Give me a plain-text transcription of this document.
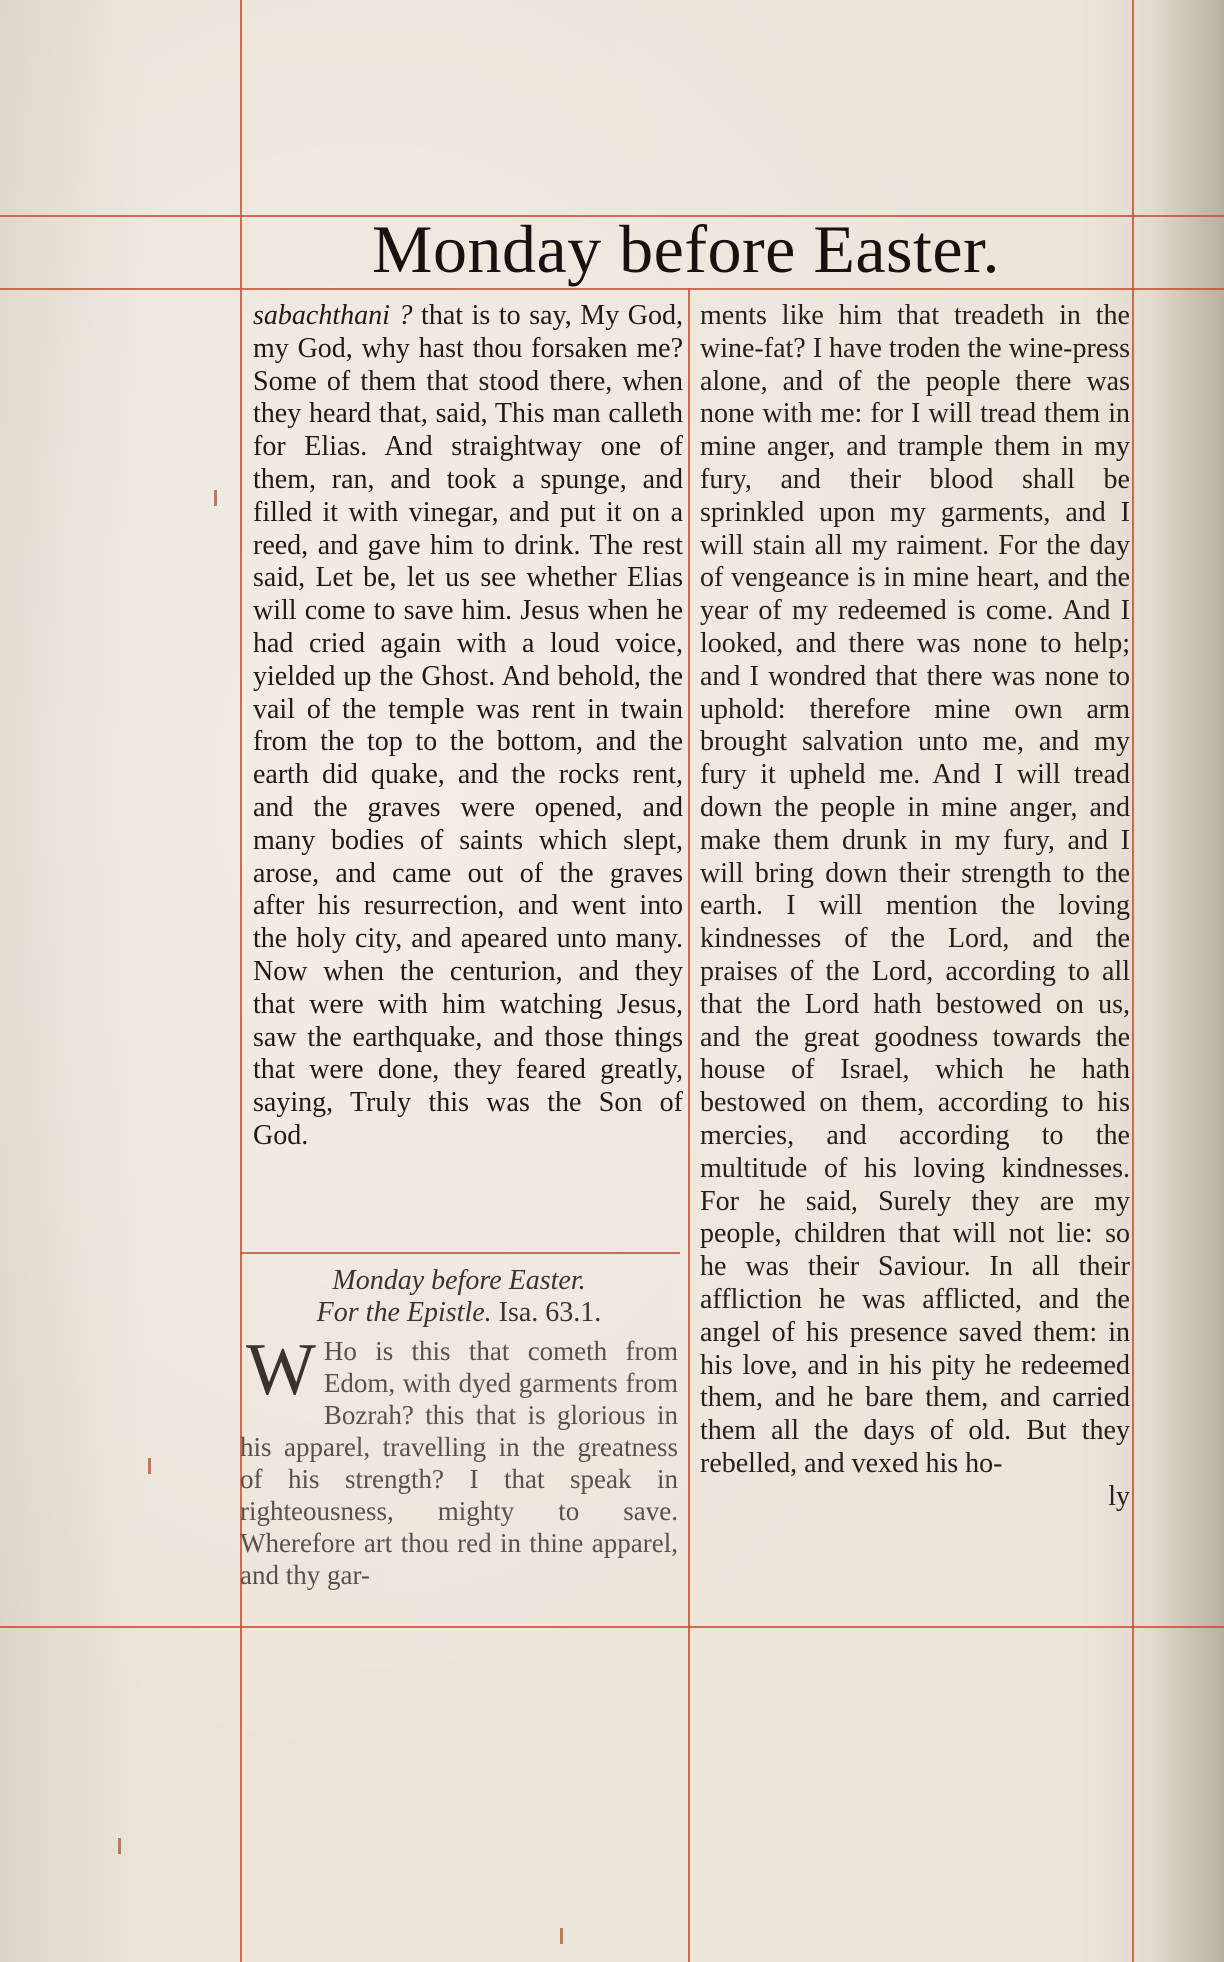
Monday before Easter.

sabachthani ? that is to say, My God, my God, why hast thou forsaken me? Some of them that stood there, when they heard that, said, This man calleth for Elias. And straightway one of them, ran, and took a spunge, and filled it with vinegar, and put it on a reed, and gave him to drink. The rest said, Let be, let us see whether Elias will come to save him. Jesus when he had cried again with a loud voice, yielded up the Ghost. And behold, the vail of the temple was rent in twain from the top to the bottom, and the earth did quake, and the rocks rent, and the graves were opened, and many bodies of saints which slept, arose, and came out of the graves after his resurrection, and went into the holy city, and apeared unto many. Now when the centurion, and they that were with him watching Jesus, saw the earthquake, and those things that were done, they feared greatly, saying, Truly this was the Son of God.

Monday before Easter.

For the Epistle. Isa. 63.1.

W Ho is this that cometh from Edom, with dyed garments from Bozrah? this that is glorious in his apparel, travelling in the greatness of his strength? I that speak in righteousness, mighty to save. Wherefore art thou red in thine apparel, and thy gar-

ments like him that treadeth in the wine-fat? I have troden the wine-press alone, and of the people there was none with me: for I will tread them in mine anger, and trample them in my fury, and their blood shall be sprinkled upon my garments, and I will stain all my raiment. For the day of vengeance is in mine heart, and the year of my redeemed is come. And I looked, and there was none to help; and I wondred that there was none to uphold: therefore mine own arm brought salvation unto me, and my fury it upheld me. And I will tread down the people in mine anger, and make them drunk in my fury, and I will bring down their strength to the earth. I will mention the loving kindnesses of the Lord, and the praises of the Lord, according to all that the Lord hath bestowed on us, and the great goodness towards the house of Israel, which he hath bestowed on them, according to his mercies, and according to the multitude of his loving kindnesses. For he said, Surely they are my people, children that will not lie: so he was their Saviour. In all their affliction he was afflicted, and the angel of his presence saved them: in his love, and in his pity he redeemed them, and he bare them, and carried them all the days of old. But they rebelled, and vexed his ho-

ly
